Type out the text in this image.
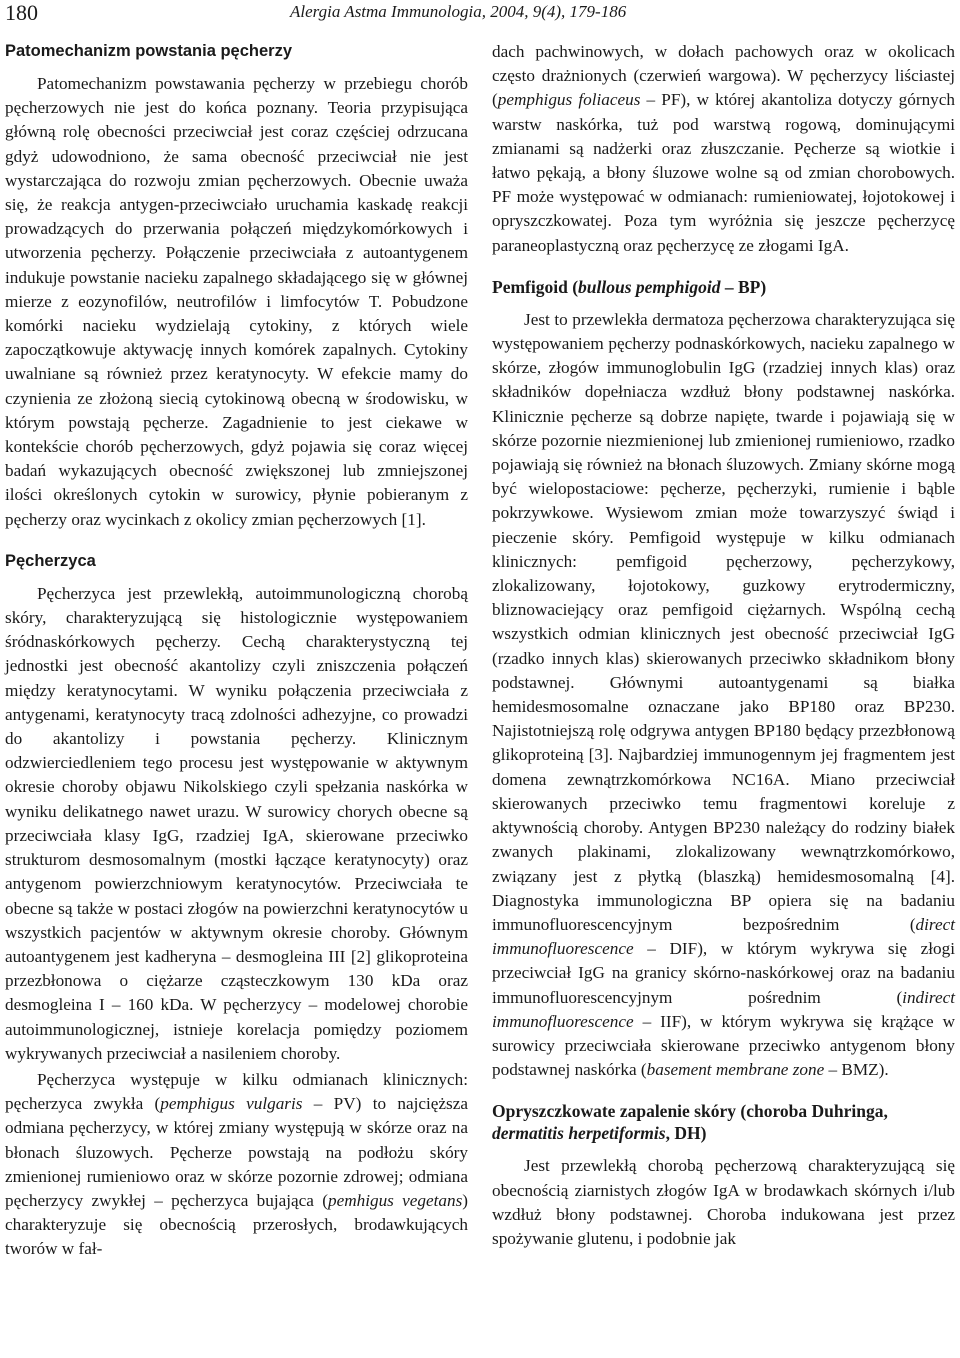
180	Alergia Astma Immunologia, 2004, 9(4), 179-186
Patomechanizm powstania pęcherzy

Patomechanizm powstawania pęcherzy w przebiegu chorób pęcherzowych nie jest do końca poznany. Teoria przypisująca główną rolę obecności przeciwciał jest coraz częściej odrzucana gdyż udowodniono, że sama obecność przeciwciał nie jest wystarczająca do rozwoju zmian pęcherzowych. Obecnie uważa się, że reakcja antygen-przeciwciało uruchamia kaskadę reakcji prowadzących do przerwania połączeń międzykomórkowych i utworzenia pęcherzy. Połączenie przeciwciała z autoantygenem indukuje powstanie nacieku zapalnego składającego się w głównej mierze z eozynofilów, neutrofilów i limfocytów T. Pobudzone komórki nacieku wydzielają cytokiny, z których wiele zapoczątkowuje aktywację innych komórek zapalnych. Cytokiny uwalniane są również przez keratynocyty. W efekcie mamy do czynienia ze złożoną siecią cytokinową obecną w środowisku, w którym powstają pęcherze. Zagadnienie to jest ciekawe w kontekście chorób pęcherzowych, gdyż pojawia się coraz więcej badań wykazujących obecność zwiększonej lub zmniejszonej ilości określonych cytokin w surowicy, płynie pobieranym z pęcherzy oraz wycinkach z okolicy zmian pęcherzowych [1].

Pęcherzyca

Pęcherzyca jest przewlekłą, autoimmunologiczną chorobą skóry, charakteryzującą się histologicznie występowaniem śródnaskórkowych pęcherzy. Cechą charakterystyczną tej jednostki jest obecność akantolizy czyli zniszczenia połączeń między keratynocytami. W wyniku połączenia przeciwciała z antygenami, keratynocyty tracą zdolności adhezyjne, co prowadzi do akantolizy i powstania pęcherzy. Klinicznym odzwierciedleniem tego procesu jest występowanie w aktywnym okresie choroby objawu Nikolskiego czyli spełzania naskórka w wyniku delikatnego nawet urazu. W surowicy chorych obecne są przeciwciała klasy IgG, rzadziej IgA, skierowane przeciwko strukturom desmosomalnym (mostki łączące keratynocyty) oraz antygenom powierzchniowym keratynocytów. Przeciwciała te obecne są także w postaci złogów na powierzchni keratynocytów u wszystkich pacjentów w aktywnym okresie choroby. Głównym autoantygenem jest kadheryna – desmogleina III [2] glikoproteina przezbłonowa o ciężarze cząsteczkowym 130 kDa oraz desmogleina I – 160 kDa. W pęcherzycy – modelowej chorobie autoimmunologicznej, istnieje korelacja pomiędzy poziomem wykrywanych przeciwciał a nasileniem choroby.

Pęcherzyca występuje w kilku odmianach klinicznych: pęcherzyca zwykła (pemphigus vulgaris – PV) to najcięższa odmiana pęcherzycy, w której zmiany występują w skórze oraz na błonach śluzowych. Pęcherze powstają na podłożu skóry zmienionej rumieniowo oraz w skórze pozornie zdrowej; odmiana pęcherzycy zwykłej – pęcherzyca bujająca (pemhigus vegetans) charakteryzuje się obecnością przerosłych, brodawkujących tworów w fał-

dach pachwinowych, w dołach pachowych oraz w okolicach często drażnionych (czerwień wargowa). W pęcherzycy liściastej (pemphigus foliaceus – PF), w której akantoliza dotyczy górnych warstw naskórka, tuż pod warstwą rogową, dominującymi zmianami są nadżerki oraz złuszczanie. Pęcherze są wiotkie i łatwo pękają, a błony śluzowe wolne są od zmian chorobowych. PF może występować w odmianach: rumieniowatej, łojotokowej i opryszczkowatej. Poza tym wyróżnia się jeszcze pęcherzycę paraneoplastyczną oraz pęcherzycę ze złogami IgA.

Pemfigoid (bullous pemphigoid – BP)

Jest to przewlekła dermatoza pęcherzowa charakteryzująca się występowaniem pęcherzy podnaskórkowych, nacieku zapalnego w skórze, złogów immunoglobulin IgG (rzadziej innych klas) oraz składników dopełniacza wzdłuż błony podstawnej naskórka. Klinicznie pęcherze są dobrze napięte, twarde i pojawiają się w skórze pozornie niezmienionej lub zmienionej rumieniowo, rzadko pojawiają się również na błonach śluzowych. Zmiany skórne mogą być wielopostaciowe: pęcherze, pęcherzyki, rumienie i bąble pokrzywkowe. Wysiewom zmian może towarzyszyć świąd i pieczenie skóry. Pemfigoid występuje w kilku odmianach klinicznych: pemfigoid pęcherzowy, pęcherzykowy, zlokalizowany, łojotokowy, guzkowy erytrodermiczny, bliznowaciejący oraz pemfigoid ciężarnych. Wspólną cechą wszystkich odmian klinicznych jest obecność przeciwciał IgG (rzadko innych klas) skierowanych przeciwko składnikom błony podstawnej. Głównymi autoantygenami są białka hemidesmosomalne oznaczane jako BP180 oraz BP230. Najistotniejszą rolę odgrywa antygen BP180 będący przezbłonową glikoproteiną [3]. Najbardziej immunogennym jej fragmentem jest domena zewnątrzkomórkowa NC16A. Miano przeciwciał skierowanych przeciwko temu fragmentowi koreluje z aktywnością choroby. Antygen BP230 należący do rodziny białek zwanych plakinami, zlokalizowany wewnątrzkomórkowo, związany jest z płytką (blaszką) hemidesmosomalną [4]. Diagnostyka immunologiczna BP opiera się na badaniu immunofluorescencyjnym bezpośrednim (direct immunofluorescence – DIF), w którym wykrywa się złogi przeciwciał IgG na granicy skórno-naskórkowej oraz na badaniu immunofluorescencyjnym pośrednim (indirect immunofluorescence – IIF), w którym wykrywa się krążące w surowicy przeciwciała skierowane przeciwko antygenom błony podstawnej naskórka (basement membrane zone – BMZ).

Opryszczkowate zapalenie skóry (choroba Duhringa, dermatitis herpetiformis, DH)

Jest przewlekłą chorobą pęcherzową charakteryzującą się obecnością ziarnistych złogów IgA w brodawkach skórnych i/lub wzdłuż błony podstawnej. Choroba indukowana jest przez spożywanie glutenu, i podobnie jak
